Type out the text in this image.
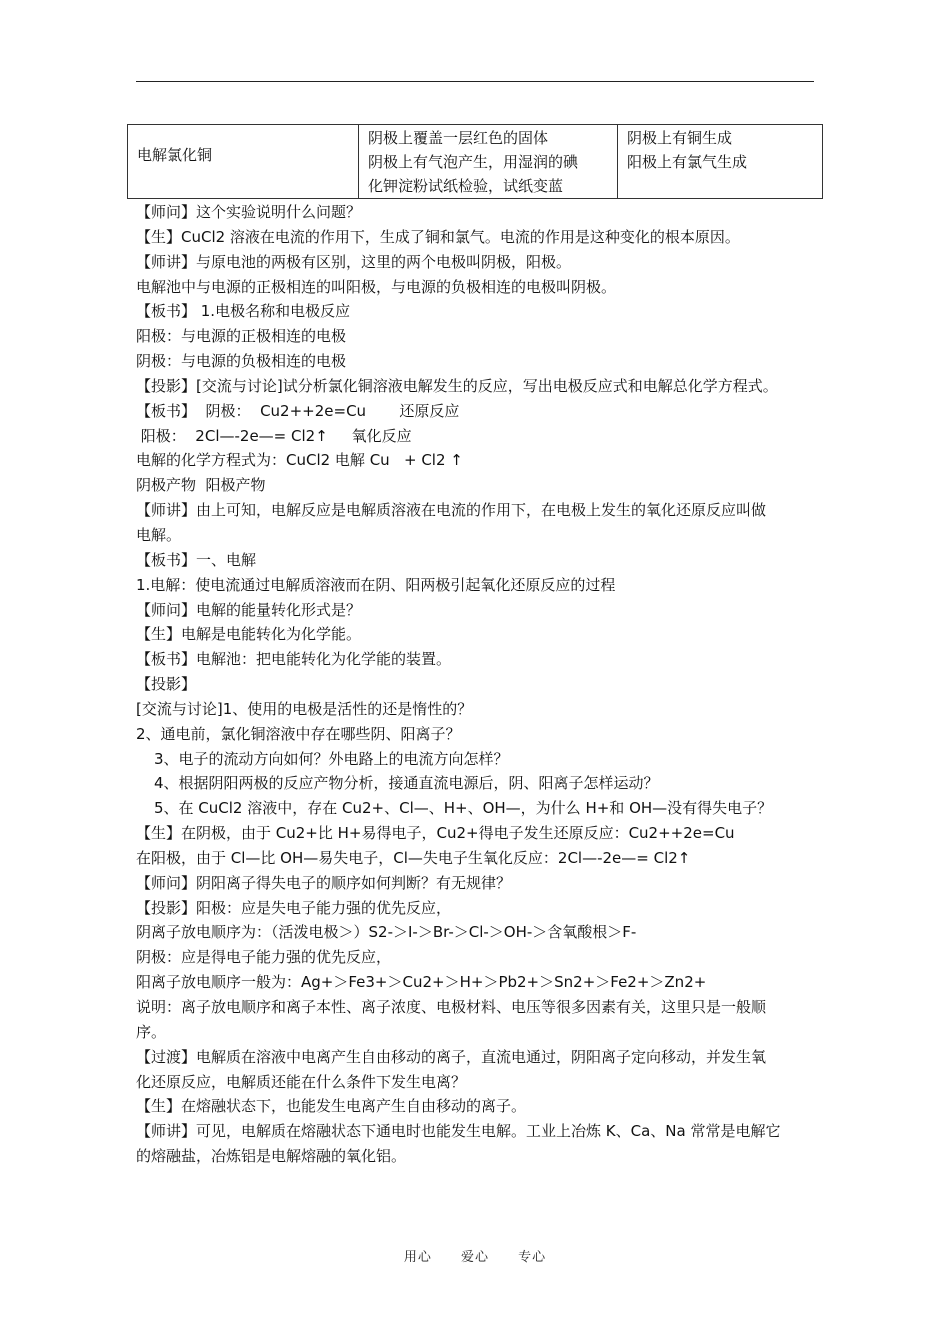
电解氯化铜
阴极上覆盖一层红色的固体
阴极上有气泡产生，用湿润的碘
化钾淀粉试纸检验，试纸变蓝
阴极上有铜生成
阳极上有氯气生成
【师问】这个实验说明什么问题？
【生】CuCl2 溶液在电流的作用下，生成了铜和氯气。电流的作用是这种变化的根本原因。
【师讲】与原电池的两极有区别，这里的两个电极叫阴极，阳极。
电解池中与电源的正极相连的叫阳极，与电源的负极相连的电极叫阴极。
【板书】 1.电极名称和电极反应
阳极：与电源的正极相连的电极
阴极：与电源的负极相连的电极
【投影】[交流与讨论]试分析氯化铜溶液电解发生的反应，写出电极反应式和电解总化学方程式。
【板书】  阴极：  Cu2++2e=Cu       还原反应
阳极：  2Cl—-2e—= Cl2↑     氧化反应
电解的化学方程式为：CuCl2 电解 Cu   + Cl2 ↑
阴极产物  阳极产物
【师讲】由上可知，电解反应是电解质溶液在电流的作用下，在电极上发生的氧化还原反应叫做
电解。
【板书】一、电解
1.电解：使电流通过电解质溶液而在阴、阳两极引起氧化还原反应的过程
【师问】电解的能量转化形式是？
【生】电解是电能转化为化学能。
【板书】电解池：把电能转化为化学能的装置。
【投影】
[交流与讨论]1、使用的电极是活性的还是惰性的？
2、通电前，氯化铜溶液中存在哪些阴、阳离子？
3、电子的流动方向如何？外电路上的电流方向怎样？
4、根据阴阳两极的反应产物分析，接通直流电源后，阴、阳离子怎样运动？
5、在 CuCl2 溶液中，存在 Cu2+、Cl—、H+、OH—，为什么 H+和 OH—没有得失电子？
【生】在阴极，由于 Cu2+比 H+易得电子，Cu2+得电子发生还原反应：Cu2++2e=Cu
在阳极，由于 Cl—比 OH—易失电子，Cl—失电子生氧化反应：2Cl—-2e—= Cl2↑
【师问】阴阳离子得失电子的顺序如何判断？有无规律？
【投影】阳极：应是失电子能力强的优先反应，
阴离子放电顺序为：（活泼电极＞）S2-＞I-＞Br-＞Cl-＞OH-＞含氧酸根＞F-
阴极：应是得电子能力强的优先反应，
阳离子放电顺序一般为：Ag+＞Fe3+＞Cu2+＞H+＞Pb2+＞Sn2+＞Fe2+＞Zn2+
说明：离子放电顺序和离子本性、离子浓度、电极材料、电压等很多因素有关，这里只是一般顺
序。
【过渡】电解质在溶液中电离产生自由移动的离子，直流电通过，阴阳离子定向移动，并发生氧
化还原反应，电解质还能在什么条件下发生电离？
【生】在熔融状态下，也能发生电离产生自由移动的离子。
【师讲】可见，电解质在熔融状态下通电时也能发生电解。工业上冶炼 K、Ca、Na 常常是电解它
的熔融盐，冶炼铝是电解熔融的氧化铝。
用心 爱心 专心
